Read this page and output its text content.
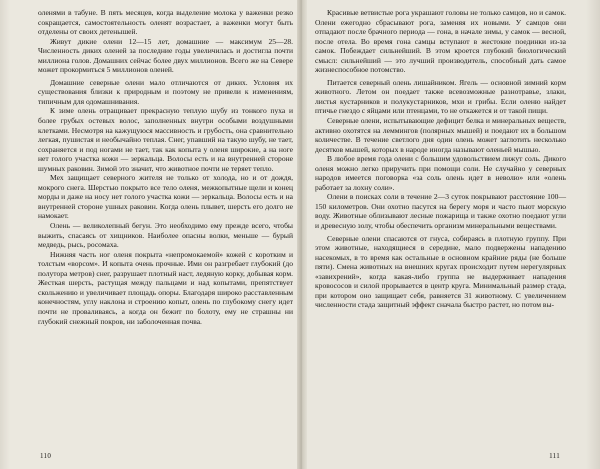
оленями в табуне. В пять месяцев, когда выделение молока у важенки резко сокращается, самостоятельность оленят возрастает, а важенки могут быть отделены от своих детенышей.

Живут дикие олени 12—15 лет, домашние — максимум 25—28. Численность диких оленей за последние годы увеличилась и достигла почти миллиона голов. Домашних сейчас более двух миллионов. Всего же на Севере может прокормиться 5 миллионов оленей.

Домашние северные олени мало отличаются от диких. Условия их существования близки к природным и поэтому не привели к изменениям, типичным для одомашнивания.

К зиме олень отращивает прекрасную теплую шубу из тонкого пуха и более грубых остевых волос, заполненных внутри особыми воздушными клетками. Несмотря на кажущуюся массивность и грубость, она сравнительно легкая, пушистая и необычайно теплая. Снег, упавший на такую шубу, не тает, сохраняется и под ногами не тает, так как копыта у оленя широкие, а на ноге нет голого участка кожи — зеркальца. Волосы есть и на внутренней стороне шумных раковин. Зимой это значит, что животное почти не теряет тепло.

Мех защищает северного жителя не только от холода, но и от дождя, мокрого снега. Шерстью покрыто все тело оленя, межкопытные щели и конец морды и даже на носу нет голого участка кожи — зеркальца. Волосы есть и на внутренней стороне ушных раковин. Когда олень плывет, шерсть его долго не намокает.

Олень — великолепный бегун. Это необходимо ему прежде всего, чтобы выжить, спасаясь от хищников. Наиболее опасны волки, меньше — бурый медведь, рысь, росомаха.

Нижняя часть ног оленя покрыта «непромокаемой» кожей с коротким и толстым «ворсом». И копыта очень прочные. Ими он разгребает глубокий (до полутора метров) снег, разрушает плотный наст, ледяную корку, добывая корм. Жесткая шерсть, растущая между пальцами и над копытами, препятствует скольжению и увеличивает площадь опоры. Благодаря широко расставленным конечностям, углу наклона и строению копыт, олень по глубокому снегу идет почти не проваливаясь, а когда он бежит по болоту, ему не страшны ни глубокий снежный покров, ни заболоченная почва.

110

Красивые ветвистые рога украшают головы не только самцов, но и самок. Олени ежегодно сбрасывают рога, заменяя их новыми. У самцов они отпадают после брачного периода — гона, в начале зимы, у самок — весной, после отела. Во время гона самцы вступают в жестокие поединки из-за самок. Побеждает сильнейший. В этом кроется глубокий биологический смысл: сильнейший — это лучший производитель, способный дать самое жизнеспособное потомство.

Питается северный олень лишайником. Ягель — основной зимний корм животного. Летом он поедает также всевозможные разнотравье, злаки, листья кустарников и полукустарников, мхи и грибы. Если оленю найдет птичье гнездо с яйцами или птенцами, то не откажется и от такой пищи.

Северные олени, испытывающие дефицит белка и минеральных веществ, активно охотятся на леммингов (полярных мышей) и поедают их в большом количестве. В течение светлого дня один олень может заглотить несколько десятков мышей, которых в народе иногда называют оленьей мышью.

В любое время года олени с большим удовольствием лижут соль. Дикого оленя можно легко приручить при помощи соли. Не случайно у северных народов имеется поговорка «за соль олень идет в неволю» или «олень работает за лохну соли».

Олени в поисках соли в течение 2—3 суток покрывают расстояние 100—150 километров. Они охотно пасутся на берегу моря и часто пьют морскую воду. Животные облизывают лесные пожарища и также охотно поедают угли и древесную золу, чтобы обеспечить организм минеральными веществами.

Северные олени спасаются от гнуса, собираясь в плотную группу. При этом животные, находящиеся в середине, мало подвержены нападению насекомых, в то время как остальные в основном крайние ряды (не больше пяти). Смена животных на внешних кругах происходит путем нерегулярных «завихрений», когда какая-либо группа не выдерживает нападения кровососов и силой прорывается в центр круга. Минимальный размер стада, при котором оно защищает себя, равняется 31 животному. С увеличением численности стада защитный эффект сначала быстро растет, но потом вы-

111
